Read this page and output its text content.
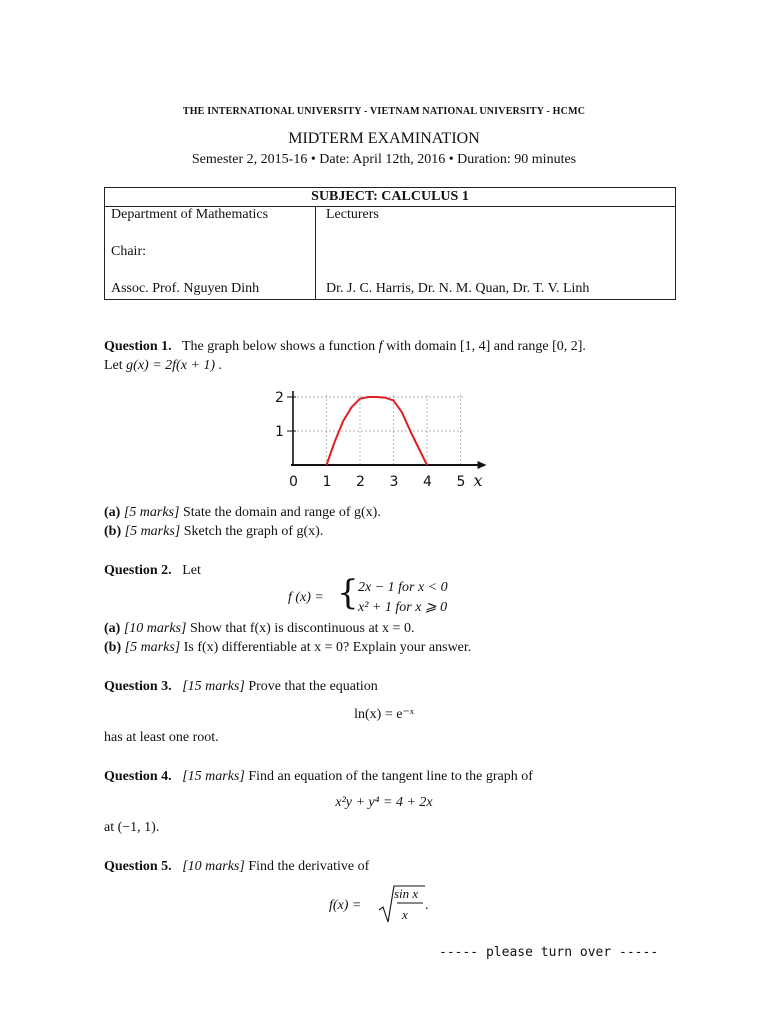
THE INTERNATIONAL UNIVERSITY - VIETNAM NATIONAL UNIVERSITY - HCMC
MIDTERM EXAMINATION
Semester 2, 2015-16 • Date: April 12th, 2016 • Duration: 90 minutes
SUBJECT: CALCULUS 1
Department of Mathematics
Chair:
Assoc. Prof. Nguyen Dinh
Lecturers
Dr. J. C. Harris, Dr. N. M. Quan, Dr. T. V. Linh
Question 1. The graph below shows a function f with domain [1, 4] and range [0, 2].
Let g(x) = 2f(x + 1) .
0 1 2 3 4 5
1
2
x
(a) [5 marks] State the domain and range of g(x).
(b) [5 marks] Sketch the graph of g(x).
Question 2. Let
f (x) = { 2x − 1 for x < 0
x² + 1 for x ⩾ 0
(a) [10 marks] Show that f(x) is discontinuous at x = 0.
(b) [5 marks] Is f(x) differentiable at x = 0? Explain your answer.
Question 3. [15 marks] Prove that the equation
ln(x) = e⁻ˣ
has at least one root.
Question 4. [15 marks] Find an equation of the tangent line to the graph of
x²y + y⁴ = 4 + 2x
at (−1, 1).
Question 5. [10 marks] Find the derivative of
f(x) =
sin x
x
.
----- please turn over -----
